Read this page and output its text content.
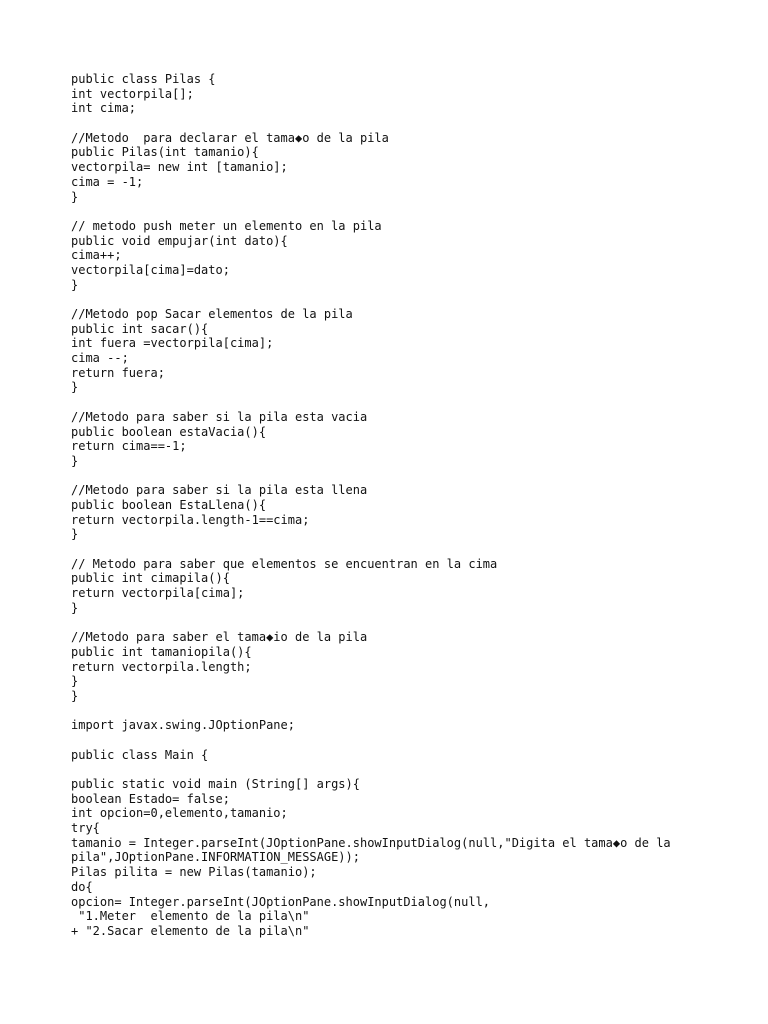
public class Pilas {
int vectorpila[];
int cima;
//Metodo  para declarar el tama◆o de la pila
public Pilas(int tamanio){
vectorpila= new int [tamanio];
cima = -1;
}
// metodo push meter un elemento en la pila
public void empujar(int dato){
cima++;
vectorpila[cima]=dato;
}
//Metodo pop Sacar elementos de la pila
public int sacar(){
int fuera =vectorpila[cima];
cima --;
return fuera;
}
//Metodo para saber si la pila esta vacia
public boolean estaVacia(){
return cima==-1;
}
//Metodo para saber si la pila esta llena
public boolean EstaLlena(){
return vectorpila.length-1==cima;
}
// Metodo para saber que elementos se encuentran en la cima
public int cimapila(){
return vectorpila[cima];
}
//Metodo para saber el tama◆io de la pila
public int tamaniopila(){
return vectorpila.length;
}
}
import javax.swing.JOptionPane;
public class Main {
public static void main (String[] args){
boolean Estado= false;
int opcion=0,elemento,tamanio;
try{
tamanio = Integer.parseInt(JOptionPane.showInputDialog(null,"Digita el tama◆o de la
pila",JOptionPane.INFORMATION_MESSAGE));
Pilas pilita = new Pilas(tamanio);
do{
opcion= Integer.parseInt(JOptionPane.showInputDialog(null,
"1.Meter  elemento de la pila\n"
+ "2.Sacar elemento de la pila\n"
